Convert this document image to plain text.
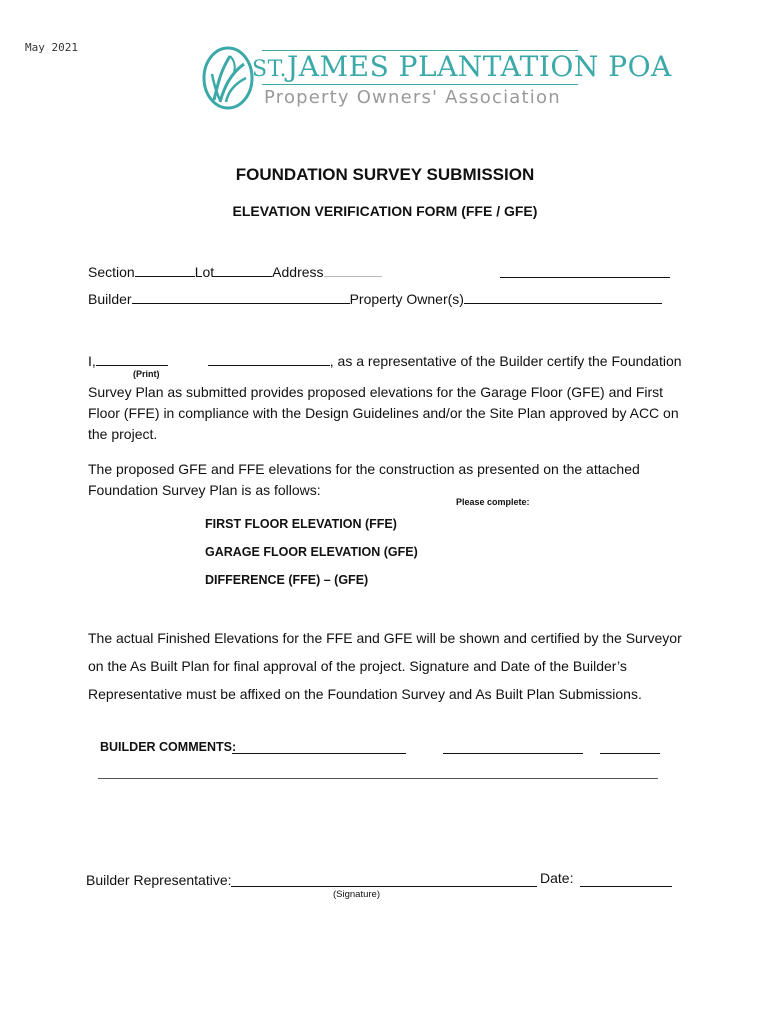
May 2021
ST.JAMES PLANTATION POA
Property Owners' Association
FOUNDATION SURVEY SUBMISSION
ELEVATION VERIFICATION FORM (FFE / GFE)
Section	Lot	Address
Builder	Property Owner(s)
I,	, as a representative of the Builder certify the Foundation
(Print)
Survey Plan as submitted provides proposed elevations for the Garage Floor (GFE) and First Floor (FFE) in compliance with the Design Guidelines and/or the Site Plan approved by ACC on the project.
The proposed GFE and FFE elevations for the construction as presented on the attached Foundation Survey Plan is as follows:
Please complete:
FIRST FLOOR ELEVATION (FFE)
GARAGE FLOOR ELEVATION (GFE)
DIFFERENCE (FFE) – (GFE)
The actual Finished Elevations for the FFE and GFE will be shown and certified by the Surveyor
on the As Built Plan for final approval of the project. Signature and Date of the Builder’s
Representative must be affixed on the Foundation Survey and As Built Plan Submissions.
BUILDER COMMENTS:
Builder Representative:	Date:
(Signature)
